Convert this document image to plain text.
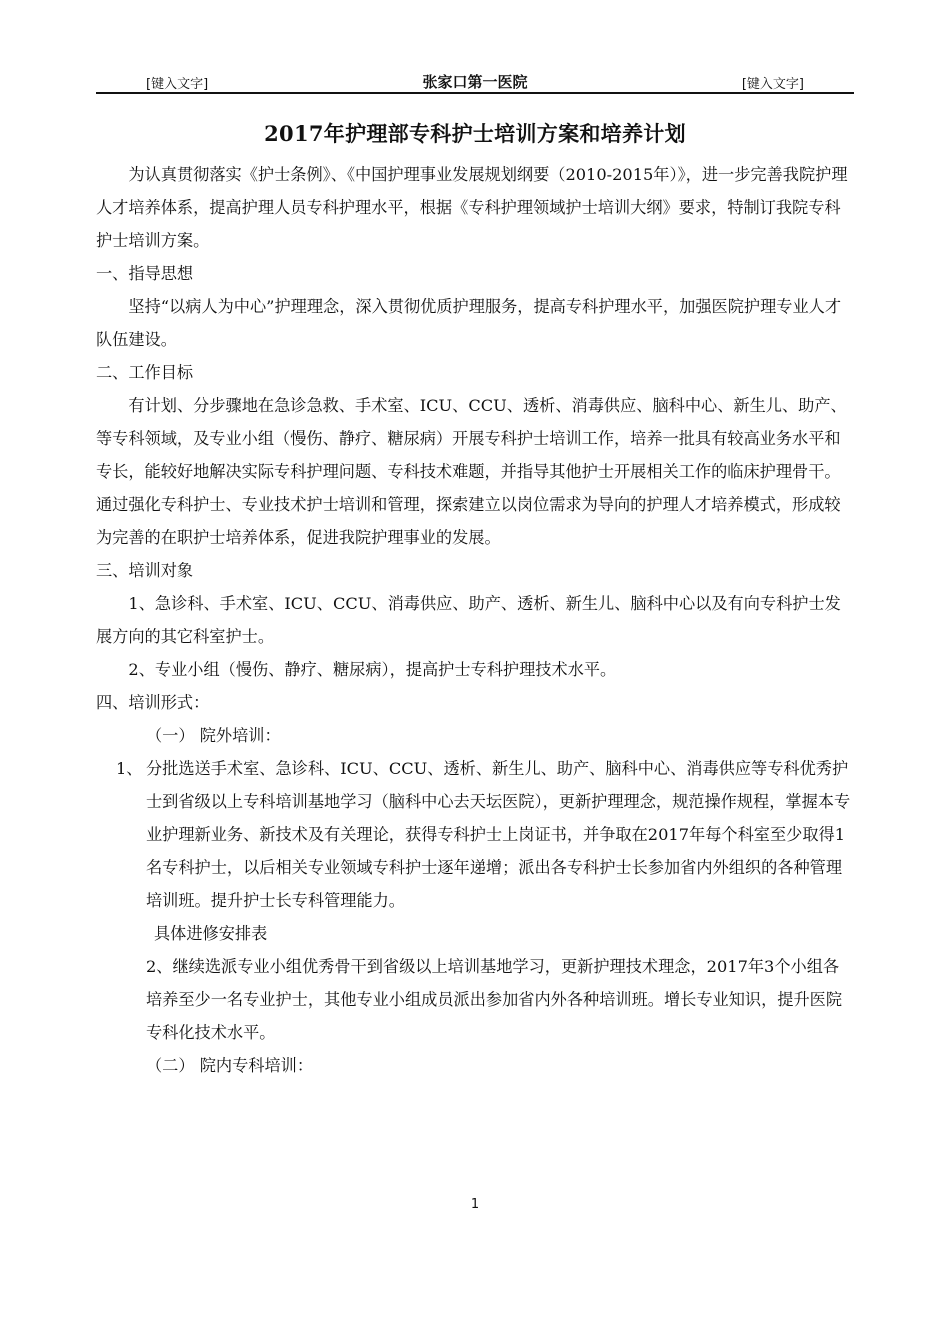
[键入文字]	张家口第一医院	[键入文字]
2017年护理部专科护士培训方案和培养计划

为认真贯彻落实《护士条例》、《中国护理事业发展规划纲要（2010-2015年）》，进一步完善我院护理人才培养体系，提高护理人员专科护理水平，根据《专科护理领域护士培训大纲》要求，特制订我院专科护士培训方案。

一、指导思想

坚持“以病人为中心”护理理念，深入贯彻优质护理服务，提高专科护理水平，加强医院护理专业人才队伍建设。

二、工作目标

有计划、分步骤地在急诊急救、手术室、ICU、CCU、透析、消毒供应、脑科中心、新生儿、助产、等专科领域，及专业小组（慢伤、静疗、糖尿病）开展专科护士培训工作，培养一批具有较高业务水平和专长，能较好地解决实际专科护理问题、专科技术难题，并指导其他护士开展相关工作的临床护理骨干。通过强化专科护士、专业技术护士培训和管理，探索建立以岗位需求为导向的护理人才培养模式，形成较为完善的在职护士培养体系，促进我院护理事业的发展。

三、培训对象

1、急诊科、手术室、ICU、CCU、消毒供应、助产、透析、新生儿、脑科中心以及有向专科护士发展方向的其它科室护士。

2、专业小组（慢伤、静疗、糖尿病），提高护士专科护理技术水平。

四、培训形式：

（一） 院外培训：

1、 分批选送手术室、急诊科、ICU、CCU、透析、新生儿、助产、脑科中心、消毒供应等专科优秀护士到省级以上专科培训基地学习（脑科中心去天坛医院），更新护理理念，规范操作规程，掌握本专业护理新业务、新技术及有关理论，获得专科护士上岗证书，并争取在2017年每个科室至少取得1名专科护士，以后相关专业领域专科护士逐年递增；派出各专科护士长参加省内外组织的各种管理培训班。提升护士长专科管理能力。

具体进修安排表

2、继续选派专业小组优秀骨干到省级以上培训基地学习，更新护理技术理念，2017年3个小组各培养至少一名专业护士，其他专业小组成员派出参加省内外各种培训班。增长专业知识，提升医院专科化技术水平。

（二） 院内专科培训：

1
